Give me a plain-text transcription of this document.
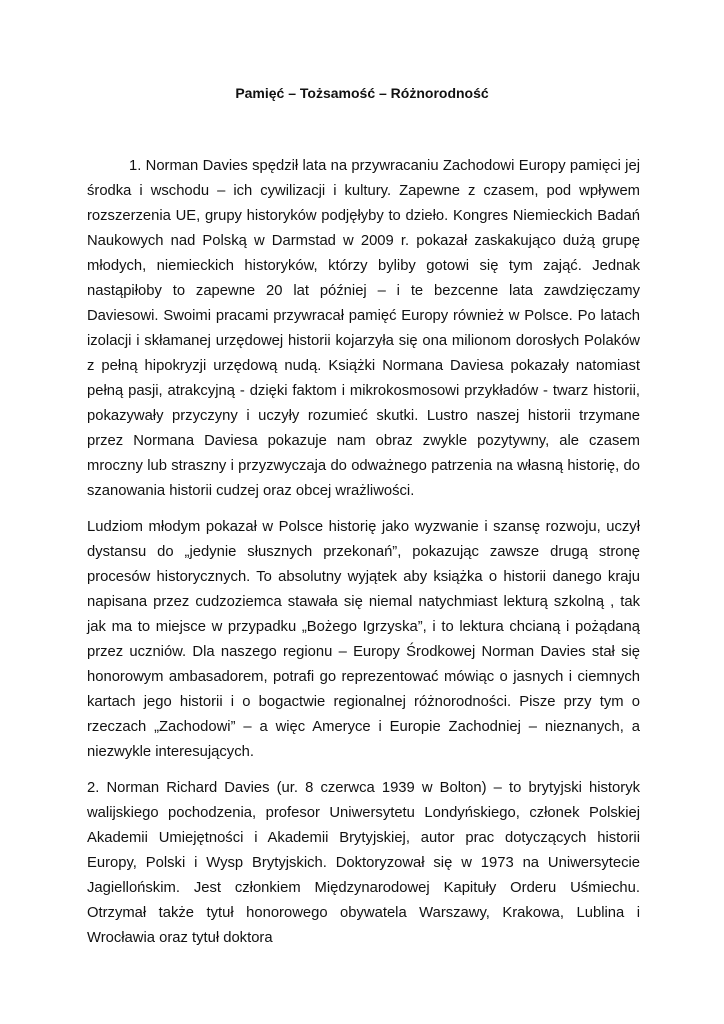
Pamięć – Tożsamość – Różnorodność

1. Norman Davies spędził lata na przywracaniu Zachodowi Europy pamięci jej środka i wschodu – ich cywilizacji i kultury. Zapewne z czasem, pod wpływem rozszerzenia UE, grupy historyków podjęłyby to dzieło. Kongres Niemieckich Badań Naukowych nad Polską w Darmstad w 2009 r. pokazał zaskakująco dużą grupę młodych, niemieckich historyków, którzy byliby gotowi się tym zająć. Jednak nastąpiłoby to zapewne 20 lat później – i te bezcenne lata zawdzięczamy Daviesowi. Swoimi pracami przywracał pamięć Europy również w Polsce. Po latach izolacji i skłamanej urzędowej historii kojarzyła się ona milionom dorosłych Polaków z pełną hipokryzji urzędową nudą. Książki Normana Daviesa pokazały natomiast pełną pasji, atrakcyjną - dzięki faktom i mikrokosmosowi przykładów - twarz historii, pokazywały przyczyny i uczyły rozumieć skutki. Lustro naszej historii trzymane przez Normana Daviesa pokazuje nam obraz zwykle pozytywny, ale czasem mroczny lub straszny i przyzwyczaja do odważnego patrzenia na własną historię, do szanowania historii cudzej oraz obcej wrażliwości.

Ludziom młodym pokazał w Polsce historię jako wyzwanie i szansę rozwoju, uczył dystansu do „jedynie słusznych przekonań”, pokazując zawsze drugą stronę procesów historycznych. To absolutny wyjątek aby książka o historii danego kraju napisana przez cudzoziemca stawała się niemal natychmiast lekturą szkolną , tak jak ma to miejsce w przypadku „Bożego Igrzyska”, i to lektura chcianą i pożądaną przez uczniów. Dla naszego regionu – Europy Środkowej Norman Davies stał się honorowym ambasadorem, potrafi go reprezentować mówiąc o jasnych i ciemnych kartach jego historii i o bogactwie regionalnej różnorodności. Pisze przy tym o rzeczach „Zachodowi” – a więc Ameryce i Europie Zachodniej – nieznanych, a niezwykle interesujących.

2. Norman Richard Davies (ur. 8 czerwca 1939 w Bolton) – to brytyjski historyk walijskiego pochodzenia, profesor Uniwersytetu Londyńskiego, członek Polskiej Akademii Umiejętności i Akademii Brytyjskiej, autor prac dotyczących historii Europy, Polski i Wysp Brytyjskich. Doktoryzował się w 1973 na Uniwersytecie Jagiellońskim. Jest członkiem Międzynarodowej Kapituły Orderu Uśmiechu. Otrzymał także tytuł honorowego obywatela Warszawy, Krakowa, Lublina i Wrocławia oraz tytuł doktora
